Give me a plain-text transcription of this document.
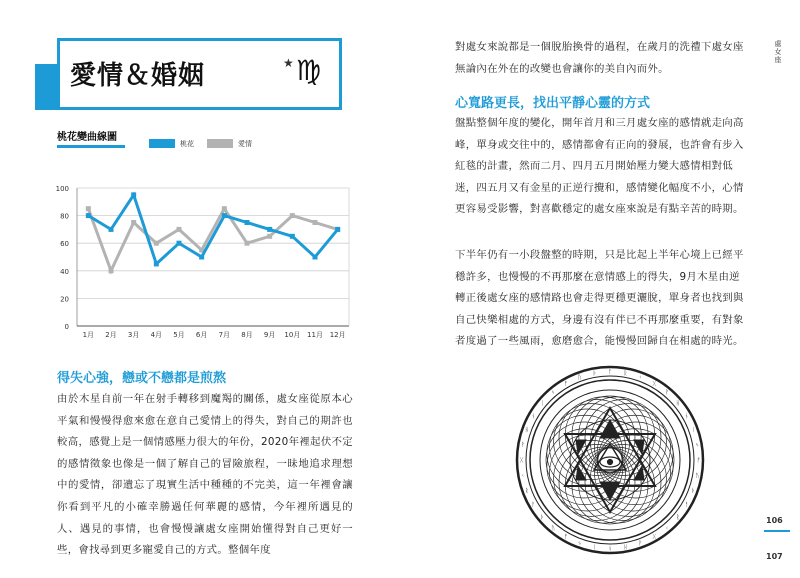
愛情＆婚姻	★ ♍
桃花變曲線圖
桃花	愛情
0
20
40
60
80
100
1月 2月 3月 4月 5月 6月 7月 8月 9月 10月 11月 12月
得失心強，戀或不戀都是煎熬
由於木星自前一年在射手轉移到魔羯的關係，處女座從原本心平氣和慢慢得愈來愈在意自己愛情上的得失，對自己的期許也較高，感覺上是一個情感壓力很大的年份，2020年裡起伏不定的感情徵象也像是一個了解自己的冒險旅程，一昧地追求理想中的愛情，卻遺忘了現實生活中種種的不完美，這一年裡會讓你看到平凡的小確幸勝過任何華麗的感情，今年裡所遇見的人、遇見的事情，也會慢慢讓處女座開始懂得對自己更好一些，會找尋到更多寵愛自己的方式。整個年度
對處女來說都是一個脫胎換骨的過程，在歲月的洗禮下處女座無論內在外在的改變也會讓你的美自內而外。
心寬路更長，找出平靜心靈的方式
盤點整個年度的變化，開年首月和三月處女座的感情就走向高峰，單身或交往中的，感情都會有正向的發展，也許會有步入紅毯的計畫，然而二月、四月五月開始壓力變大感情相對低迷，四五月又有金星的正逆行攪和，感情變化幅度不小，心情更容易受影響，對喜歡穩定的處女座來說是有點辛苦的時期。
下半年仍有一小段盤整的時期，只是比起上半年心境上已經平穩許多，也慢慢的不再那麼在意情感上的得失，9月木星由逆轉正後處女座的感情路也會走得更穩更灑脫，單身者也找到與自己快樂相處的方式，身邊有沒有伴已不再那麼重要，有對象者度過了一些風雨，愈磨愈合，能慢慢回歸自在相處的時光。
處女座
ᚠ
ᚢ
ᚦ
ᚨ
ᚱ
ᚲ
ᚷ
ᚹ
ᚺ
ᚾ
ᛁ
ᛃ
ᚠ
ᚢ
ᚦ
ᚨ
ᚱ
ᚲ
ᚷ
ᚹ
ᚺ
ᚾ
ᛁ
ᛃ
ᚠ
ᚢ
ᚦ ᚨ ᚱ
ᚲ
ᚷ
ᚹ
ᚺ
ᚾ
ᛁ
ᛃ
106
107
